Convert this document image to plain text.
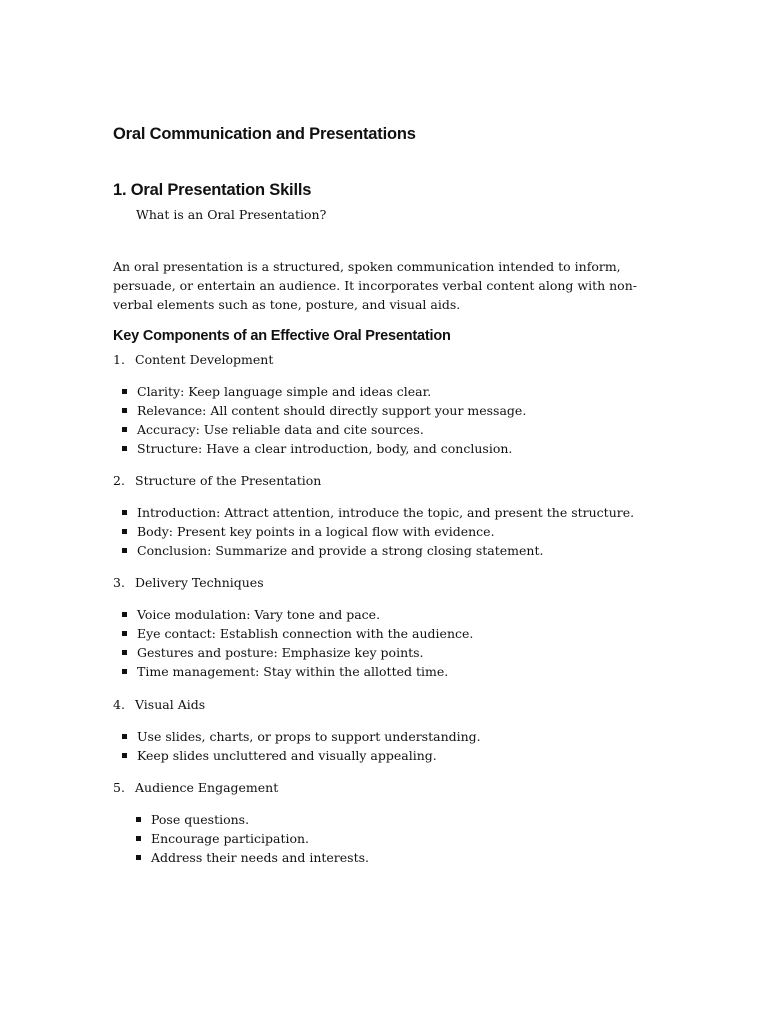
Oral Communication and Presentations
1. Oral Presentation Skills

What is an Oral Presentation?

An oral presentation is a structured, spoken communication intended to inform, persuade, or entertain an audience. It incorporates verbal content along with non-verbal elements such as tone, posture, and visual aids.

Key Components of an Effective Oral Presentation

1. Content Development

Clarity: Keep language simple and ideas clear.
Relevance: All content should directly support your message.
Accuracy: Use reliable data and cite sources.
Structure: Have a clear introduction, body, and conclusion.

2. Structure of the Presentation

Introduction: Attract attention, introduce the topic, and present the structure.
Body: Present key points in a logical flow with evidence.
Conclusion: Summarize and provide a strong closing statement.

3. Delivery Techniques

Voice modulation: Vary tone and pace.
Eye contact: Establish connection with the audience.
Gestures and posture: Emphasize key points.
Time management: Stay within the allotted time.

4. Visual Aids

Use slides, charts, or props to support understanding.
Keep slides uncluttered and visually appealing.

5. Audience Engagement

Pose questions.
Encourage participation.
Address their needs and interests.
